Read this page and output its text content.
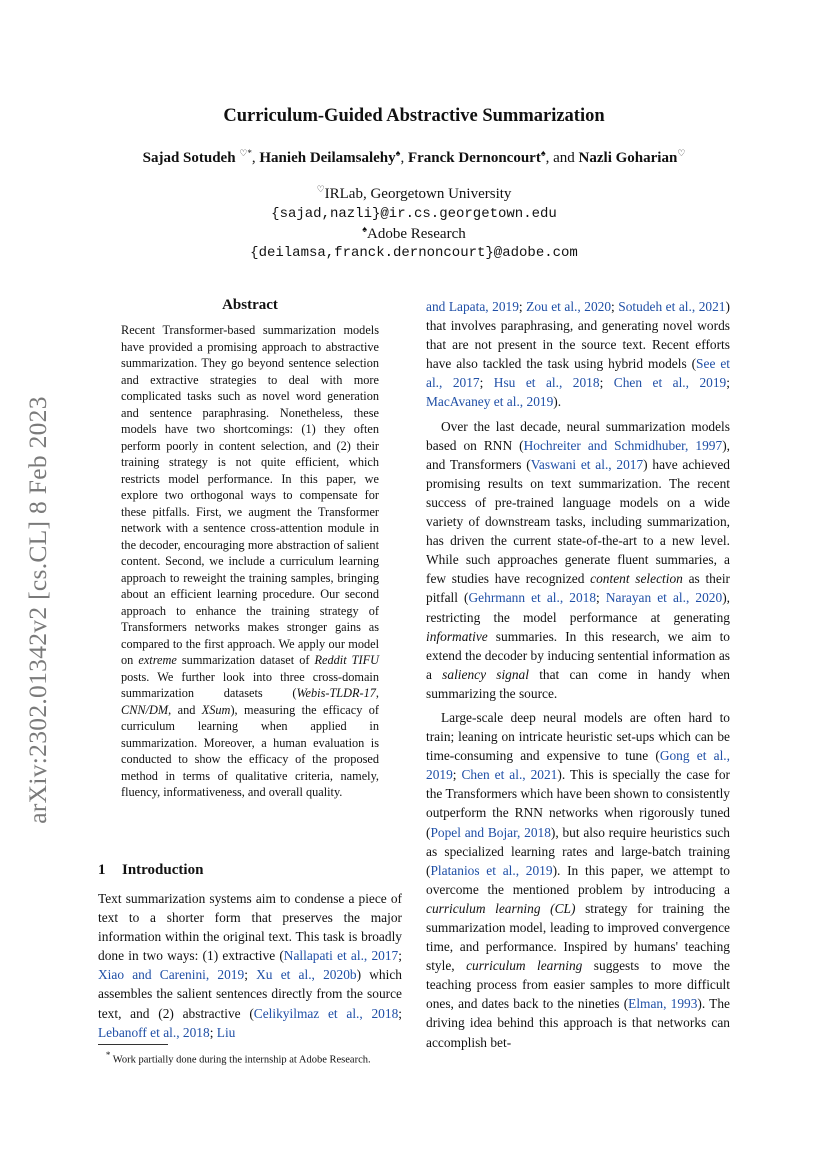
arXiv:2302.01342v2 [cs.CL] 8 Feb 2023
Curriculum-Guided Abstractive Summarization
Sajad Sotudeh ♡*, Hanieh Deilamsalehy♠, Franck Dernoncourt♠, and Nazli Goharian♡
♡IRLab, Georgetown University
{sajad,nazli}@ir.cs.georgetown.edu
♠Adobe Research
{deilamsa,franck.dernoncourt}@adobe.com
Abstract
Recent Transformer-based summarization models have provided a promising approach to abstractive summarization. They go beyond sentence selection and extractive strategies to deal with more complicated tasks such as novel word generation and sentence paraphrasing. Nonetheless, these models have two shortcomings: (1) they often perform poorly in content selection, and (2) their training strategy is not quite efficient, which restricts model performance. In this paper, we explore two orthogonal ways to compensate for these pitfalls. First, we augment the Transformer network with a sentence cross-attention module in the decoder, encouraging more abstraction of salient content. Second, we include a curriculum learning approach to reweight the training samples, bringing about an efficient learning procedure. Our second approach to enhance the training strategy of Transformers networks makes stronger gains as compared to the first approach. We apply our model on extreme summarization dataset of Reddit TIFU posts. We further look into three cross-domain summarization datasets (Webis-TLDR-17, CNN/DM, and XSum), measuring the efficacy of curriculum learning when applied in summarization. Moreover, a human evaluation is conducted to show the efficacy of the proposed method in terms of qualitative criteria, namely, fluency, informativeness, and overall quality.
1 Introduction

Text summarization systems aim to condense a piece of text to a shorter form that preserves the major information within the original text. This task is broadly done in two ways: (1) extractive (Nallapati et al., 2017; Xiao and Carenini, 2019; Xu et al., 2020b) which assembles the salient sentences directly from the source text, and (2) abstractive (Celikyilmaz et al., 2018; Lebanoff et al., 2018; Liu

* Work partially done during the internship at Adobe Research.

and Lapata, 2019; Zou et al., 2020; Sotudeh et al., 2021) that involves paraphrasing, and generating novel words that are not present in the source text. Recent efforts have also tackled the task using hybrid models (See et al., 2017; Hsu et al., 2018; Chen et al., 2019; MacAvaney et al., 2019).

Over the last decade, neural summarization models based on RNN (Hochreiter and Schmidhuber, 1997), and Transformers (Vaswani et al., 2017) have achieved promising results on text summarization. The recent success of pre-trained language models on a wide variety of downstream tasks, including summarization, has driven the current state-of-the-art to a new level. While such approaches generate fluent summaries, a few studies have recognized content selection as their pitfall (Gehrmann et al., 2018; Narayan et al., 2020), restricting the model performance at generating informative summaries. In this research, we aim to extend the decoder by inducing sentential information as a saliency signal that can come in handy when summarizing the source.

Large-scale deep neural models are often hard to train; leaning on intricate heuristic set-ups which can be time-consuming and expensive to tune (Gong et al., 2019; Chen et al., 2021). This is specially the case for the Transformers which have been shown to consistently outperform the RNN networks when rigorously tuned (Popel and Bojar, 2018), but also require heuristics such as specialized learning rates and large-batch training (Platanios et al., 2019). In this paper, we attempt to overcome the mentioned problem by introducing a curriculum learning (CL) strategy for training the summarization model, leading to improved convergence time, and performance. Inspired by humans' teaching style, curriculum learning suggests to move the teaching process from easier samples to more difficult ones, and dates back to the nineties (Elman, 1993). The driving idea behind this approach is that networks can accomplish bet-
